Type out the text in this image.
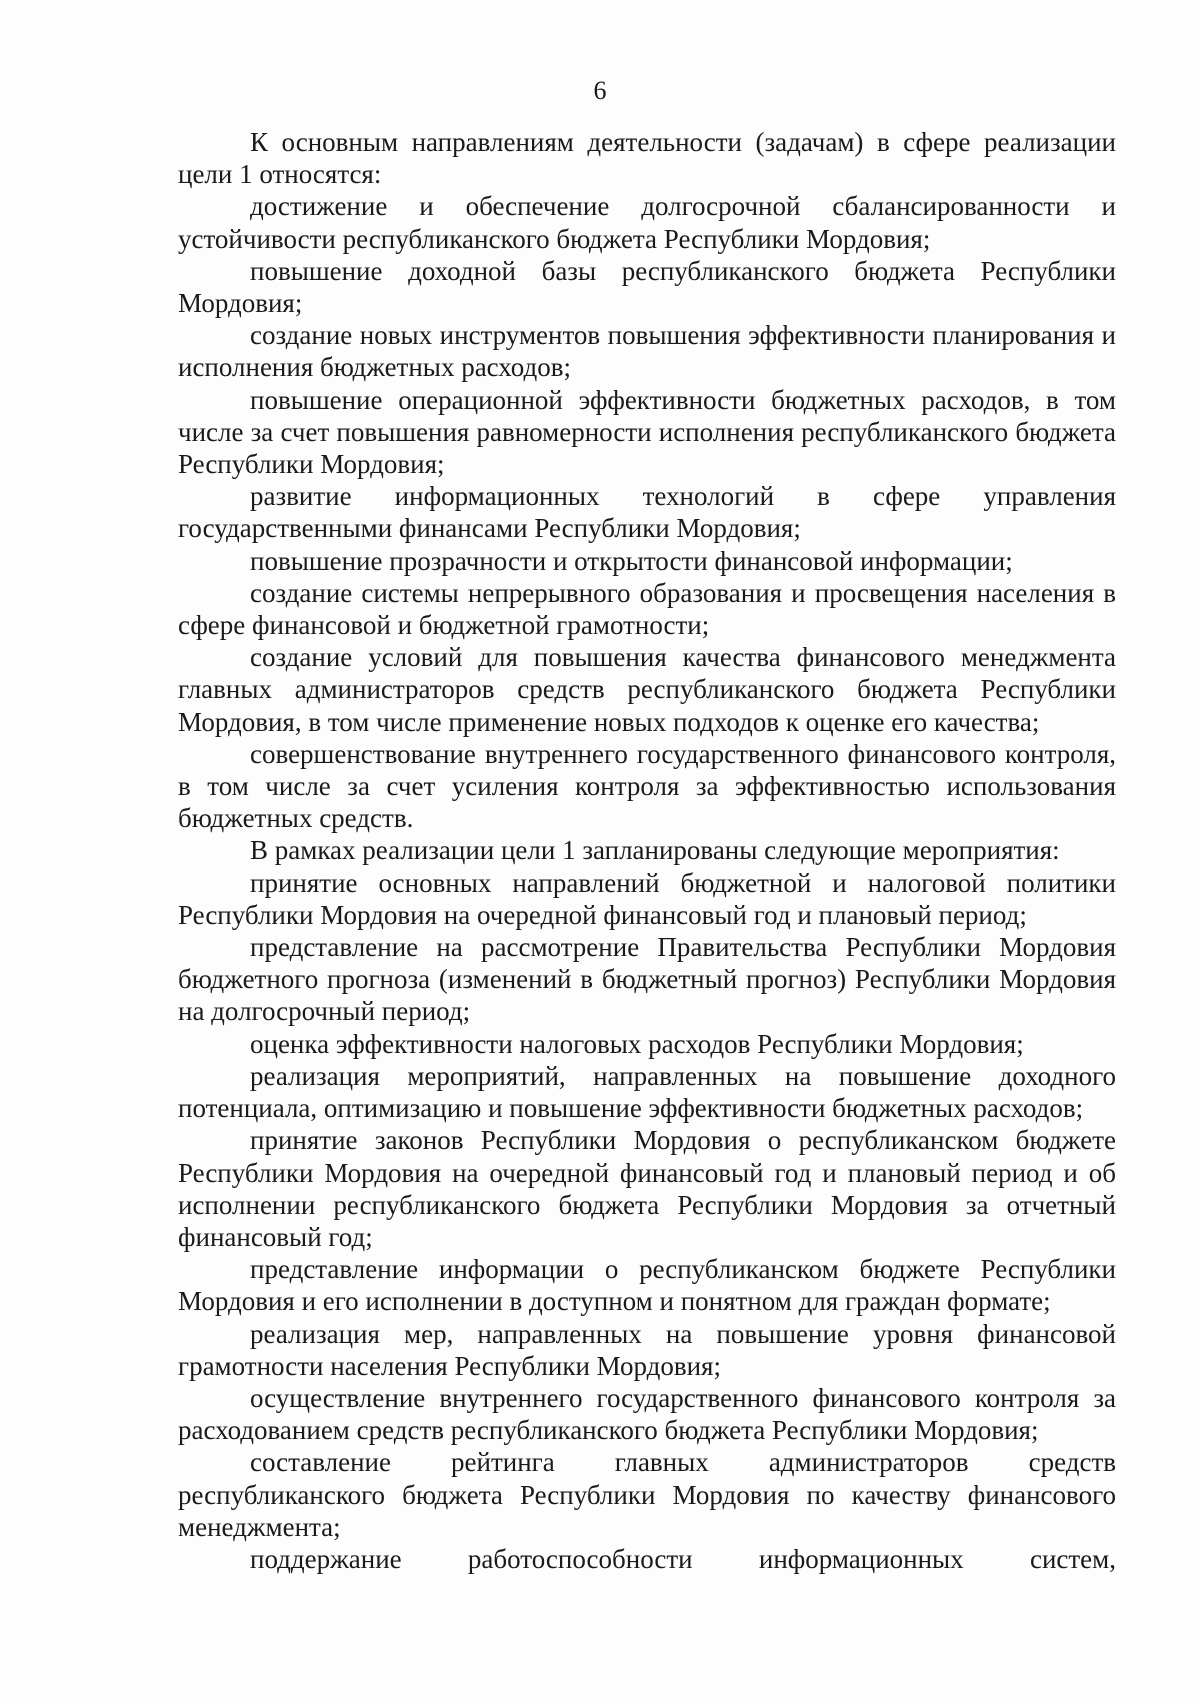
6

К основным направлениям деятельности (задачам) в сфере реализации цели 1 относятся:

достижение и обеспечение долгосрочной сбалансированности и устойчивости республиканского бюджета Республики Мордовия;

повышение доходной базы республиканского бюджета Республики Мордовия;

создание новых инструментов повышения эффективности планирования и исполнения бюджетных расходов;

повышение операционной эффективности бюджетных расходов, в том числе за счет повышения равномерности исполнения республиканского бюджета Республики Мордовия;

развитие информационных технологий в сфере управления государственными финансами Республики Мордовия;

повышение прозрачности и открытости финансовой информации;

создание системы непрерывного образования и просвещения населения в сфере финансовой и бюджетной грамотности;

создание условий для повышения качества финансового менеджмента главных администраторов средств республиканского бюджета Республики Мордовия, в том числе применение новых подходов к оценке его качества;

совершенствование внутреннего государственного финансового контроля, в том числе за счет усиления контроля за эффективностью использования бюджетных средств.

В рамках реализации цели 1 запланированы следующие мероприятия:

принятие основных направлений бюджетной и налоговой политики Республики Мордовия на очередной финансовый год и плановый период;

представление на рассмотрение Правительства Республики Мордовия бюджетного прогноза (изменений в бюджетный прогноз) Республики Мордовия на долгосрочный период;

оценка эффективности налоговых расходов Республики Мордовия;

реализация мероприятий, направленных на повышение доходного потенциала, оптимизацию и повышение эффективности бюджетных расходов;

принятие законов Республики Мордовия о республиканском бюджете Республики Мордовия на очередной финансовый год и плановый период и об исполнении республиканского бюджета Республики Мордовия за отчетный финансовый год;

представление информации о республиканском бюджете Республики Мордовия и его исполнении в доступном и понятном для граждан формате;

реализация мер, направленных на повышение уровня финансовой грамотности населения Республики Мордовия;

осуществление внутреннего государственного финансового контроля за расходованием средств республиканского бюджета Республики Мордовия;

составление рейтинга главных администраторов средств республиканского бюджета Республики Мордовия по качеству финансового менеджмента;

поддержание работоспособности информационных систем,
